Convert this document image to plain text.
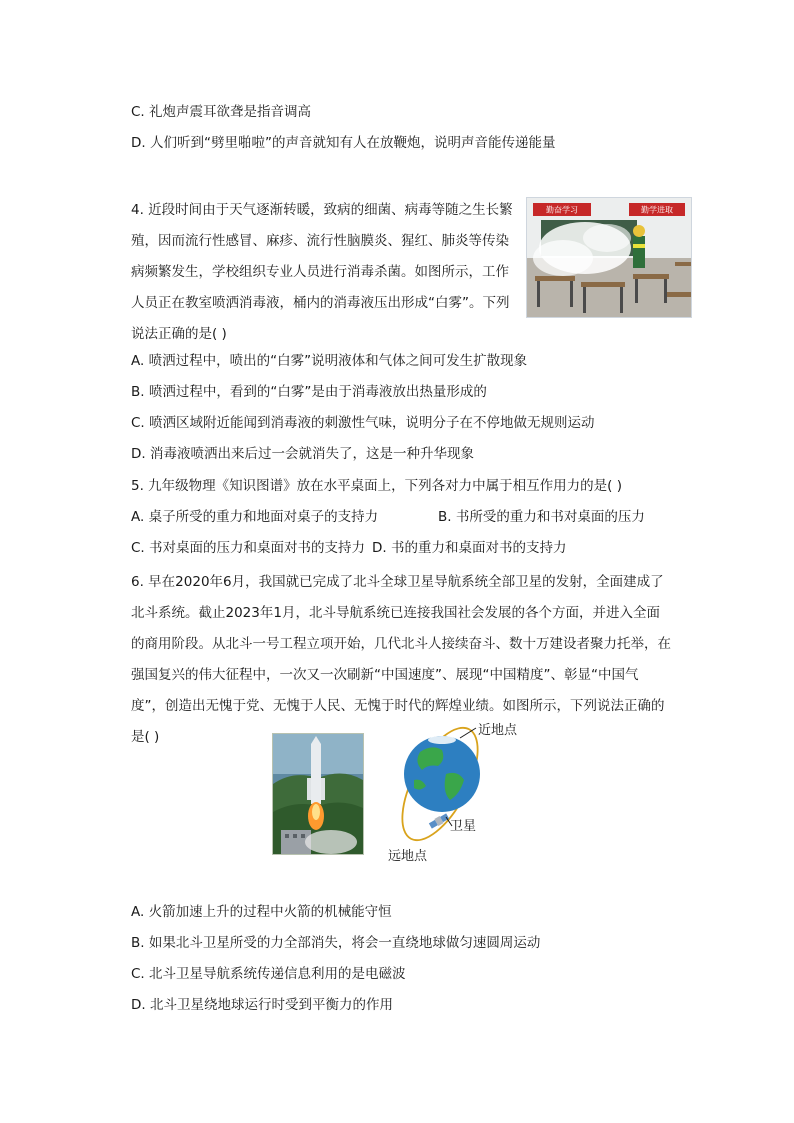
C. 礼炮声震耳欲聋是指音调高
D. 人们听到“劈里啪啦”的声音就知有人在放鞭炮，说明声音能传递能量
4. 近段时间由于天气逐渐转暖，致病的细菌、病毒等随之生长繁殖，因而流行性感冒、麻疹、流行性脑膜炎、猩红、肺炎等传染病频繁发生，学校组织专业人员进行消毒杀菌。如图所示，工作人员正在教室喷洒消毒液，桶内的消毒液压出形成“白雾”。下列说法正确的是( )
勤奋学习	勤学进取
A. 喷洒过程中，喷出的“白雾”说明液体和气体之间可发生扩散现象
B. 喷洒过程中，看到的“白雾”是由于消毒液放出热量形成的
C. 喷洒区域附近能闻到消毒液的刺激性气味，说明分子在不停地做无规则运动
D. 消毒液喷洒出来后过一会就消失了，这是一种升华现象
5. 九年级物理《知识图谱》放在水平桌面上，下列各对力中属于相互作用力的是( )
A. 桌子所受的重力和地面对桌子的支持力	B. 书所受的重力和书对桌面的压力
C. 书对桌面的压力和桌面对书的支持力 D. 书的重力和桌面对书的支持力
6. 早在2020年6月，我国就已完成了北斗全球卫星导航系统全部卫星的发射，全面建成了北斗系统。截止2023年1月，北斗导航系统已连接我国社会发展的各个方面，并进入全面的商用阶段。从北斗一号工程立项开始，几代北斗人接续奋斗、数十万建设者聚力托举，在强国复兴的伟大征程中，一次又一次刷新“中国速度”、展现“中国精度”、彰显“中国气度”，创造出无愧于党、无愧于人民、无愧于时代的辉煌业绩。如图所示，下列说法正确的是( )	近地点
卫星
远地点
A. 火箭加速上升的过程中火箭的机械能守恒
B. 如果北斗卫星所受的力全部消失，将会一直绕地球做匀速圆周运动
C. 北斗卫星导航系统传递信息利用的是电磁波
D. 北斗卫星绕地球运行时受到平衡力的作用
